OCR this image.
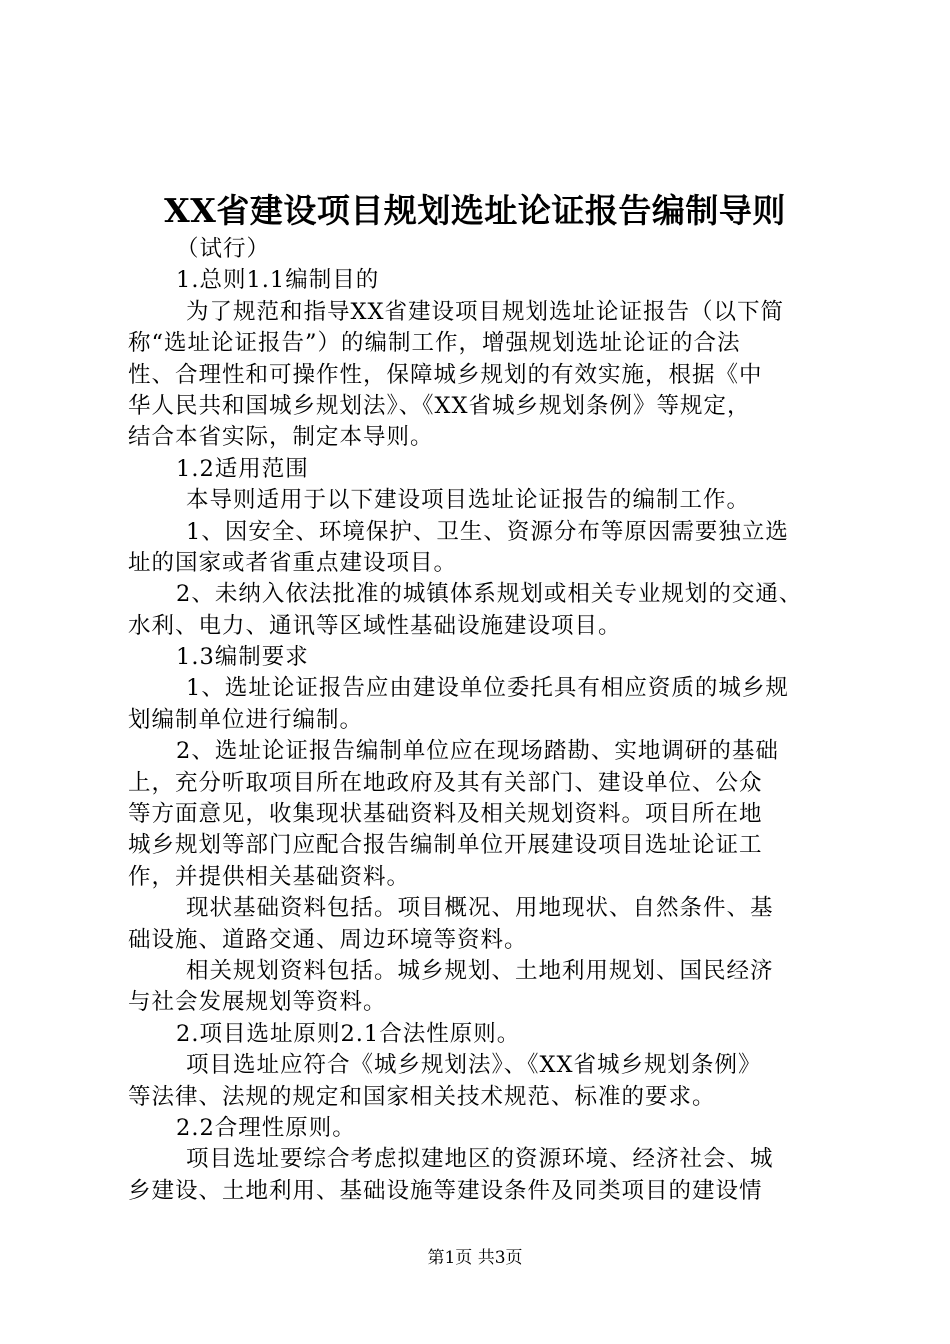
XX省建设项目规划选址论证报告编制导则
（试行）
1.总则1.1编制目的
为了规范和指导XX省建设项目规划选址论证报告（以下简
称“选址论证报告”）的编制工作，增强规划选址论证的合法
性、合理性和可操作性，保障城乡规划的有效实施，根据《中
华人民共和国城乡规划法》、《XX省城乡规划条例》等规定，
结合本省实际，制定本导则。
1.2适用范围
本导则适用于以下建设项目选址论证报告的编制工作。
1、因安全、环境保护、卫生、资源分布等原因需要独立选
址的国家或者省重点建设项目。
2、未纳入依法批准的城镇体系规划或相关专业规划的交通、
水利、电力、通讯等区域性基础设施建设项目。
1.3编制要求
1、选址论证报告应由建设单位委托具有相应资质的城乡规
划编制单位进行编制。
2、选址论证报告编制单位应在现场踏勘、实地调研的基础
上，充分听取项目所在地政府及其有关部门、建设单位、公众
等方面意见，收集现状基础资料及相关规划资料。项目所在地
城乡规划等部门应配合报告编制单位开展建设项目选址论证工
作，并提供相关基础资料。
现状基础资料包括。项目概况、用地现状、自然条件、基
础设施、道路交通、周边环境等资料。
相关规划资料包括。城乡规划、土地利用规划、国民经济
与社会发展规划等资料。
2.项目选址原则2.1合法性原则。
项目选址应符合《城乡规划法》、《XX省城乡规划条例》
等法律、法规的规定和国家相关技术规范、标准的要求。
2.2合理性原则。
项目选址要综合考虑拟建地区的资源环境、经济社会、城
乡建设、土地利用、基础设施等建设条件及同类项目的建设情
第1页 共3页
